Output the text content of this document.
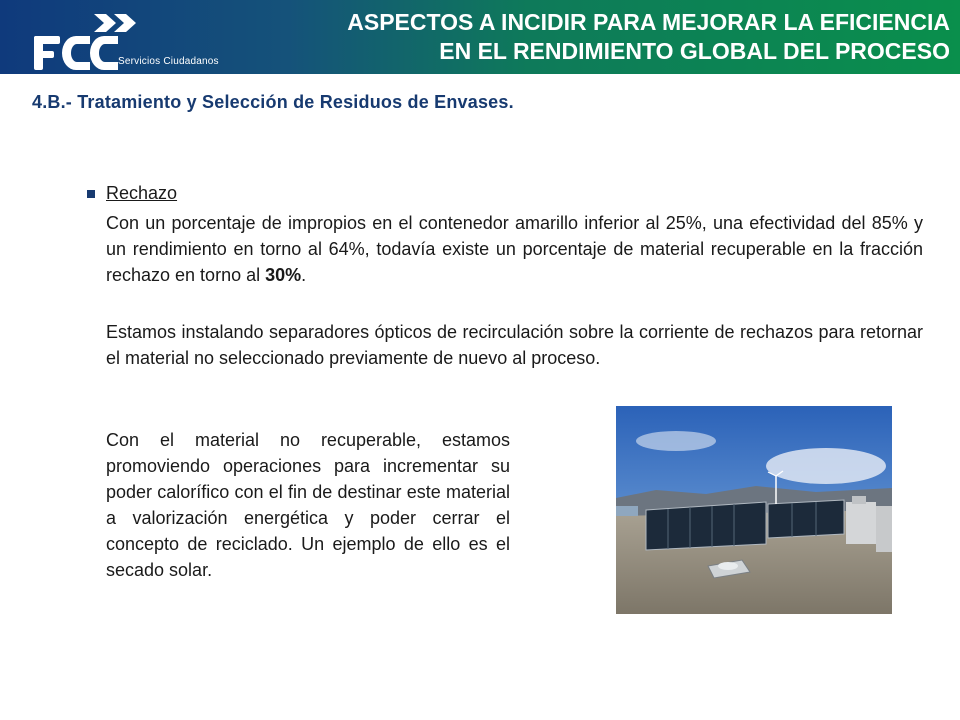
Servicios Ciudadanos
ASPECTOS A INCIDIR PARA MEJORAR LA EFICIENCIA
EN EL RENDIMIENTO GLOBAL DEL PROCESO
4.B.- Tratamiento y Selección de Residuos de Envases.
Rechazo
Con un porcentaje de impropios en el contenedor amarillo inferior al 25%, una efectividad del 85% y un rendimiento en torno al 64%, todavía existe un porcentaje de material recuperable en la fracción rechazo en torno al 30%.
Estamos instalando separadores ópticos de recirculación sobre la corriente de rechazos para retornar el material no seleccionado previamente de nuevo al proceso.
Con el material no recuperable, estamos promoviendo operaciones para incrementar su poder calorífico con el fin de destinar este material a valorización energética y poder cerrar el concepto de reciclado. Un ejemplo de ello es el secado solar.
